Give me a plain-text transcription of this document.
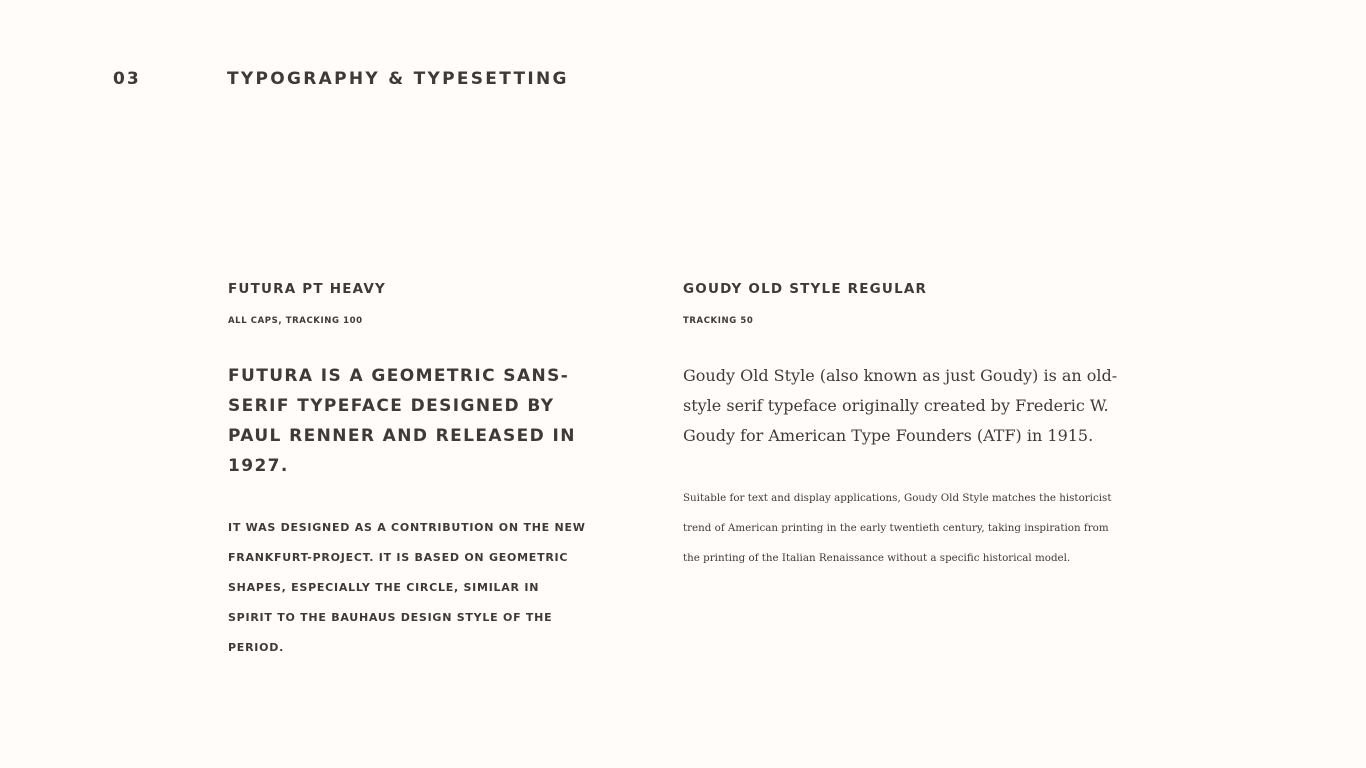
03	TYPOGRAPHY & TYPESETTING
FUTURA PT HEAVY

ALL CAPS, TRACKING 100

FUTURA IS A GEOMETRIC SANS-SERIF TYPEFACE DESIGNED BY PAUL RENNER AND RELEASED IN 1927.

IT WAS DESIGNED AS A CONTRIBUTION ON THE NEW FRANKFURT-PROJECT. IT IS BASED ON GEOMETRIC SHAPES, ESPECIALLY THE CIRCLE, SIMILAR IN SPIRIT TO THE BAUHAUS DESIGN STYLE OF THE PERIOD.

GOUDY OLD STYLE REGULAR

TRACKING 50

Goudy Old Style (also known as just Goudy) is an old-style serif typeface originally created by Frederic W. Goudy for American Type Founders (ATF) in 1915.

Suitable for text and display applications, Goudy Old Style matches the historicist trend of American printing in the early twentieth century, taking inspiration from the printing of the Italian Renaissance without a specific historical model.
